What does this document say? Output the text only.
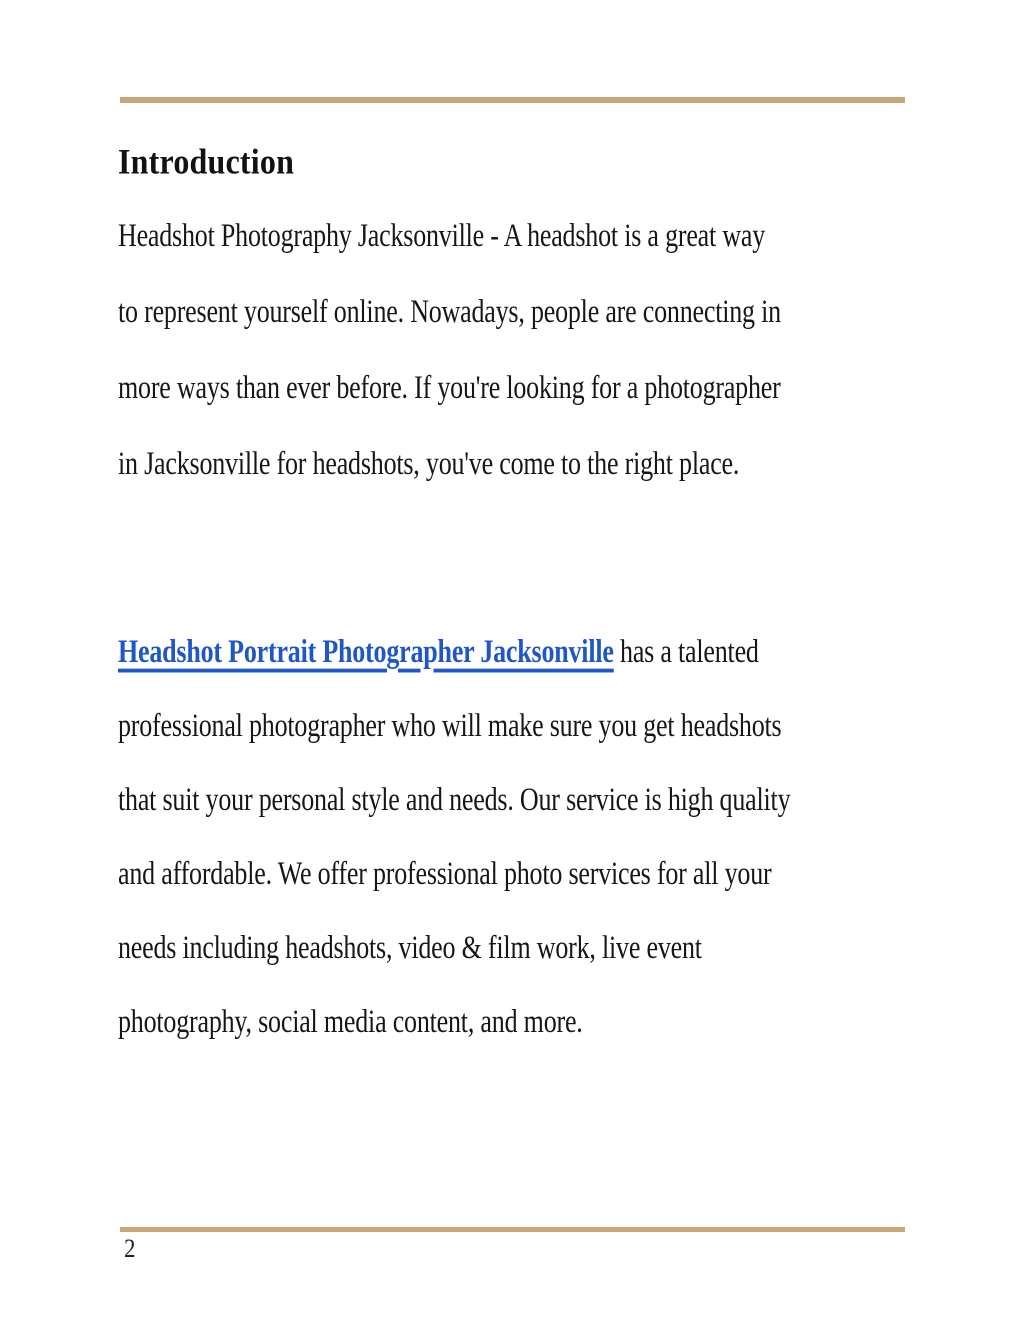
Introduction
Headshot Photography Jacksonville - A headshot is a great way
to represent yourself online. Nowadays, people are connecting in
more ways than ever before. If you're looking for a photographer
in Jacksonville for headshots, you've come to the right place.
Headshot Portrait Photographer Jacksonville has a talented
professional photographer who will make sure you get headshots
that suit your personal style and needs. Our service is high quality
and affordable. We offer professional photo services for all your
needs including headshots, video & film work, live event
photography, social media content, and more.
2
